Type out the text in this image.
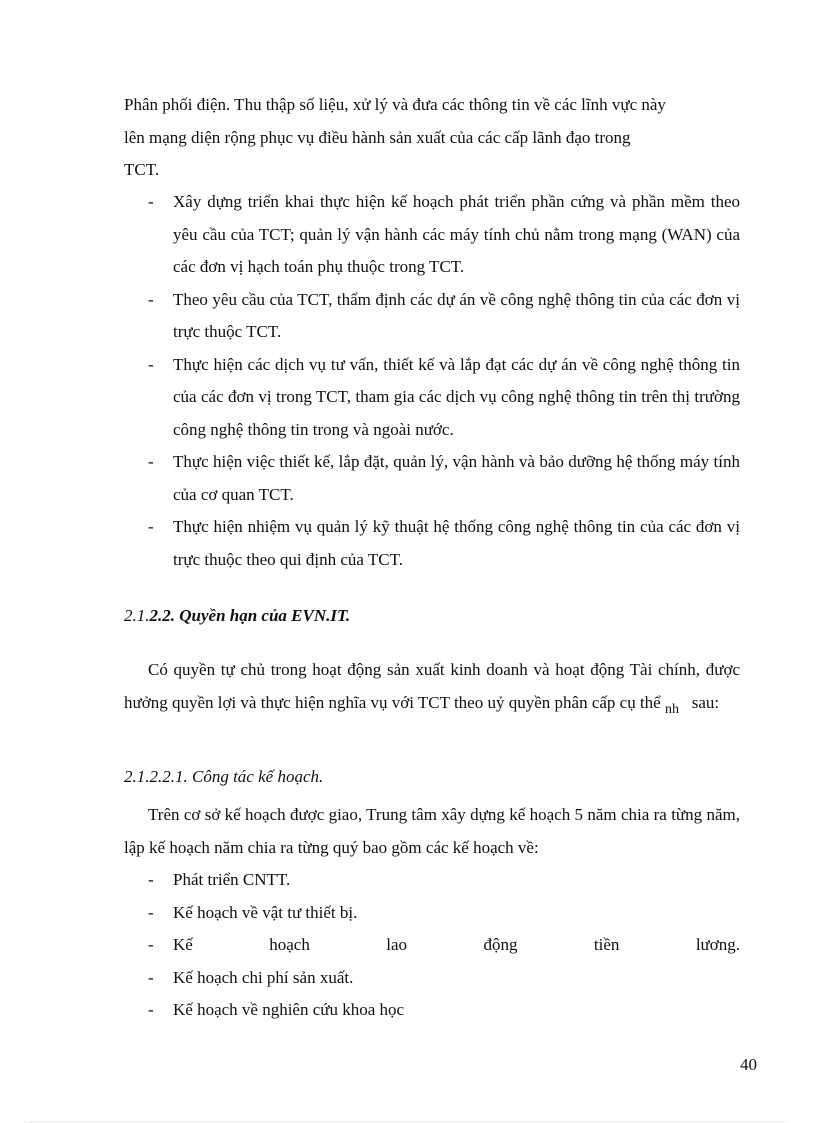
Phân phối điện. Thu thập số liệu, xử lý và đưa các thông tin về các lĩnh vực này
lên mạng diện rộng phục vụ điều hành sản xuất của các cấp lãnh đạo trong
TCT.
- Xây dựng triển khai thực hiện kế hoạch phát triển phần cứng và phần mềm theo yêu cầu của TCT; quản lý vận hành các máy tính chủ nằm trong mạng (WAN) của các đơn vị hạch toán phụ thuộc trong TCT.
- Theo yêu cầu của TCT, thẩm định các dự án về công nghệ thông tin của các đơn vị trực thuộc TCT.
- Thực hiện các dịch vụ tư vấn, thiết kế và lắp đạt các dự án về công nghệ thông tin của các đơn vị trong TCT, tham gia các dịch vụ công nghệ thông tin trên thị trường công nghệ thông tin trong và ngoài nước.
- Thực hiện việc thiết kế, lắp đặt, quản lý, vận hành và bảo dưỡng hệ thống máy tính của cơ quan TCT.
- Thực hiện nhiệm vụ quản lý kỹ thuật hệ thống công nghệ thông tin của các đơn vị trực thuộc theo qui định của TCT.
2.1.2.2. Quyền hạn của EVN.IT.
Có quyền tự chủ trong hoạt động sản xuất kinh doanh và hoạt động Tài chính, được hưởng quyền lợi và thực hiện nghĩa vụ với TCT theo uỷ quyền phân cấp cụ thể $_{nh}$ sau:
2.1.2.2.1. Công tác kế hoạch.
Trên cơ sở kế hoạch được giao, Trung tâm xây dựng kế hoạch 5 năm chia ra từng năm, lập kế hoạch năm chia ra từng quý bao gồm các kế hoạch về:
- Phát triển CNTT.
- Kế hoạch về vật tư thiết bị.
- Kế	hoạch	lao	động	tiền	lương.
- Kế hoạch chi phí sản xuất.
- Kế hoạch về nghiên cứu khoa học
40
